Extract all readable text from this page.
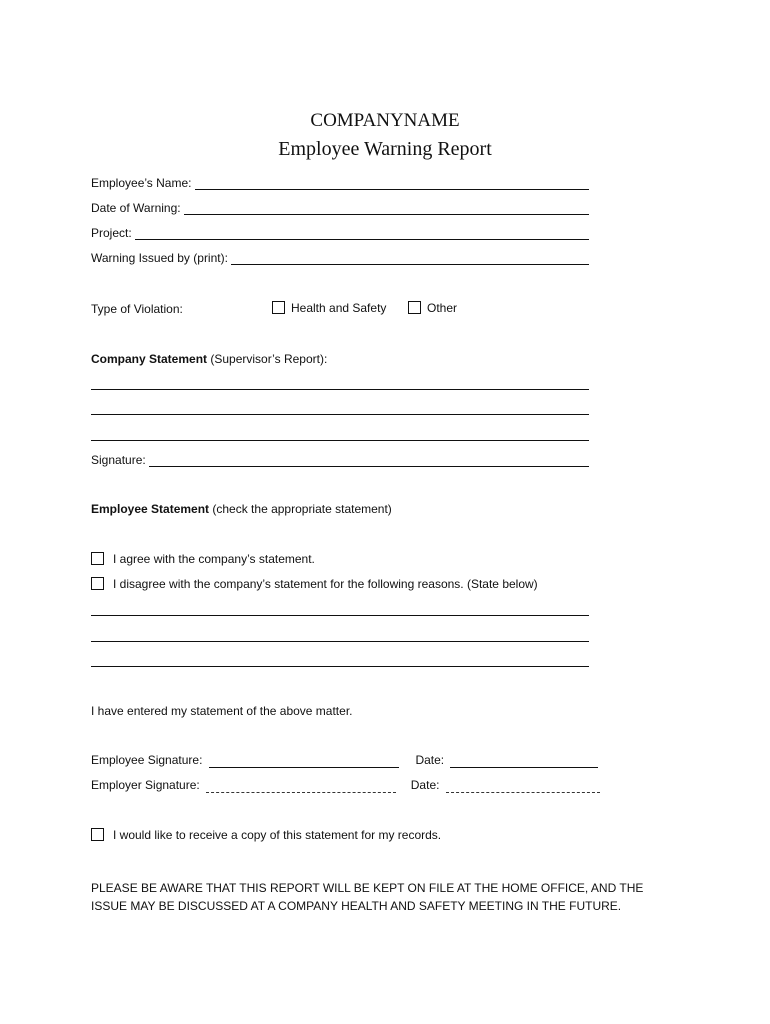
COMPANYNAME
Employee Warning Report
Employee’s Name:
Date of Warning:
Project:
Warning Issued by (print):
Type of Violation:	Health and Safety	Other
Company Statement (Supervisor’s Report):
Signature:
Employee Statement (check the appropriate statement)
I agree with the company’s statement.
I disagree with the company’s statement for the following reasons. (State below)
I have entered my statement of the above matter.
Employee Signature:	Date:
Employer Signature:	Date:
I would like to receive a copy of this statement for my records.
PLEASE BE AWARE THAT THIS REPORT WILL BE KEPT ON FILE AT THE HOME OFFICE, AND THE ISSUE MAY BE DISCUSSED AT A COMPANY HEALTH AND SAFETY MEETING IN THE FUTURE.
